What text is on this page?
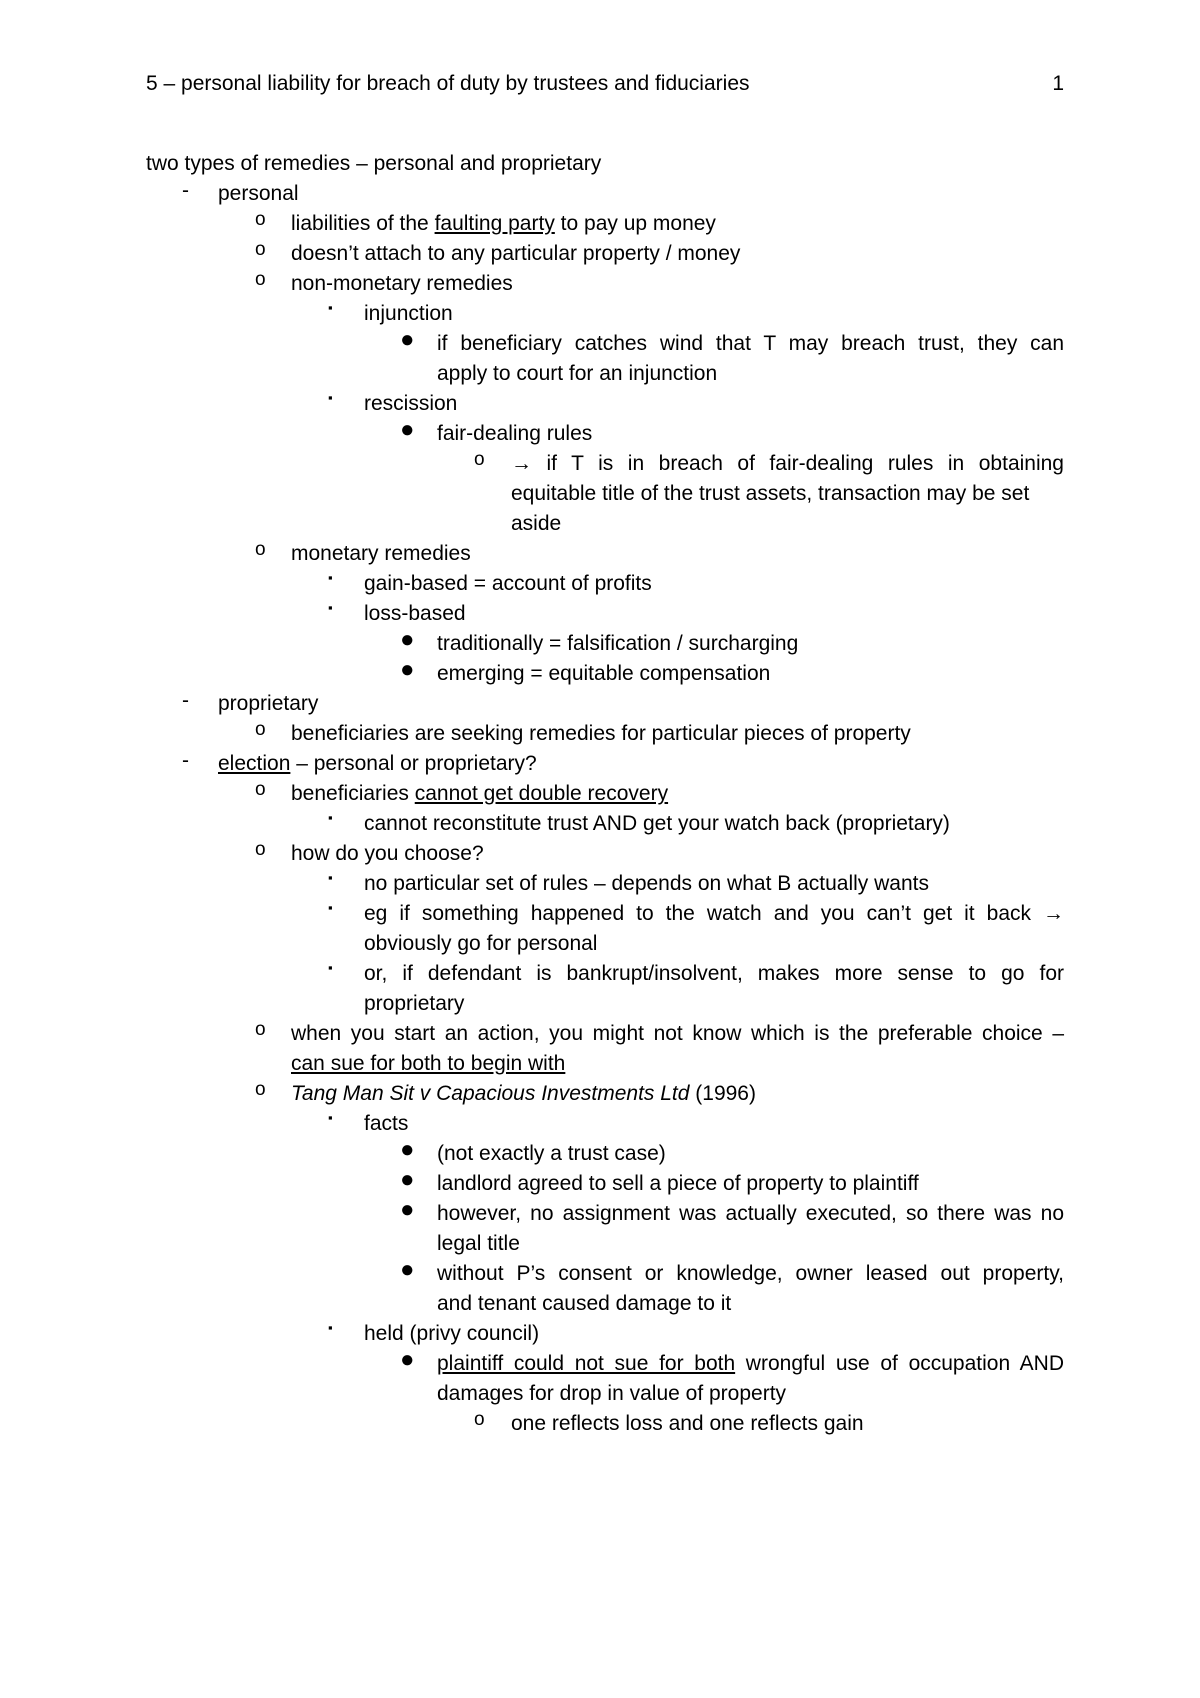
5 – personal liability for breach of duty by trustees and fiduciaries	1
two types of remedies – personal and proprietary
- personal
o liabilities of the faulting party to pay up money
o doesn’t attach to any particular property / money
o non-monetary remedies
▪ injunction
● if beneficiary catches wind that T may breach trust, they can
apply to court for an injunction
▪ rescission
● fair-dealing rules
o → if T is in breach of fair-dealing rules in obtaining
equitable title of the trust assets, transaction may be set
aside
o monetary remedies
▪ gain-based = account of profits
▪ loss-based
● traditionally = falsification / surcharging
● emerging = equitable compensation
- proprietary
o beneficiaries are seeking remedies for particular pieces of property
- election – personal or proprietary?
o beneficiaries cannot get double recovery
▪ cannot reconstitute trust AND get your watch back (proprietary)
o how do you choose?
▪ no particular set of rules – depends on what B actually wants
▪ eg if something happened to the watch and you can’t get it back →
obviously go for personal
▪ or, if defendant is bankrupt/insolvent, makes more sense to go for
proprietary
o when you start an action, you might not know which is the preferable choice –
can sue for both to begin with
o Tang Man Sit v Capacious Investments Ltd (1996)
▪ facts
● (not exactly a trust case)
● landlord agreed to sell a piece of property to plaintiff
● however, no assignment was actually executed, so there was no
legal title
● without P’s consent or knowledge, owner leased out property,
and tenant caused damage to it
▪ held (privy council)
● plaintiff could not sue for both wrongful use of occupation AND
damages for drop in value of property
o one reflects loss and one reflects gain
